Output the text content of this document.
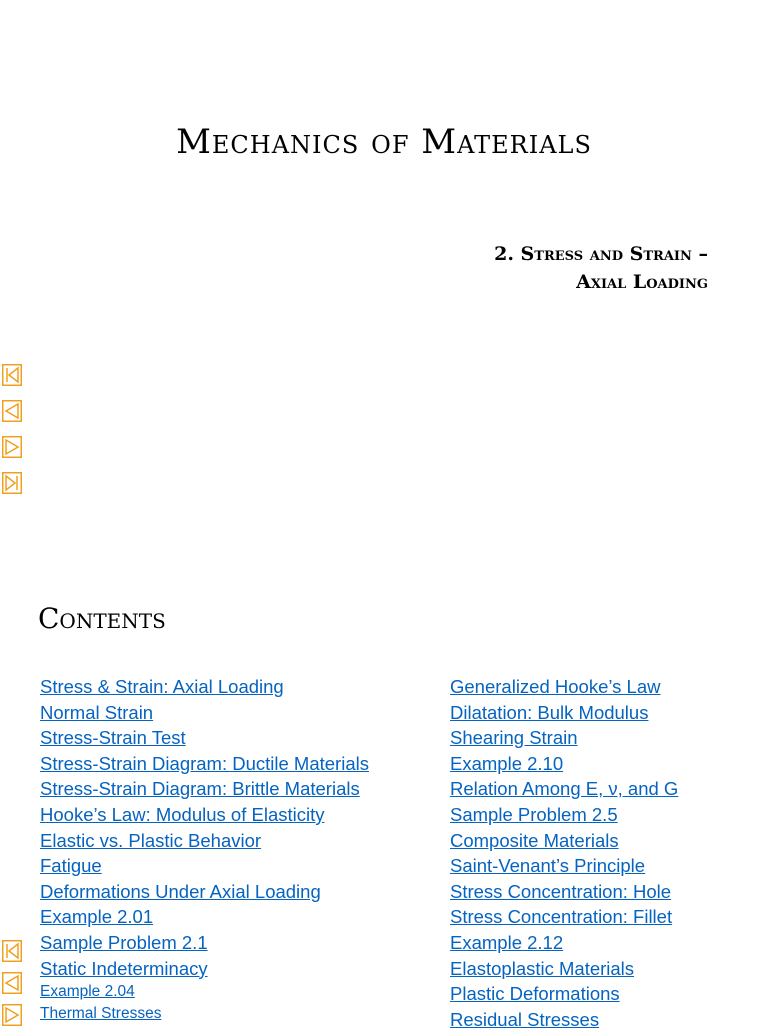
Mechanics of Materials
2. Stress and Strain –
Axial Loading
Contents
Stress & Strain: Axial Loading
Normal Strain
Stress-Strain Test
Stress-Strain Diagram: Ductile Materials
Stress-Strain Diagram: Brittle Materials
Hooke’s Law: Modulus of Elasticity
Elastic vs. Plastic Behavior
Fatigue
Deformations Under Axial Loading
Example 2.01
Sample Problem 2.1
Static Indeterminacy
Example 2.04
Thermal Stresses
Generalized Hooke’s Law
Dilatation: Bulk Modulus
Shearing Strain
Example 2.10
Relation Among E, ν, and G
Sample Problem 2.5
Composite Materials
Saint-Venant’s Principle
Stress Concentration: Hole
Stress Concentration: Fillet
Example 2.12
Elastoplastic Materials
Plastic Deformations
Residual Stresses
